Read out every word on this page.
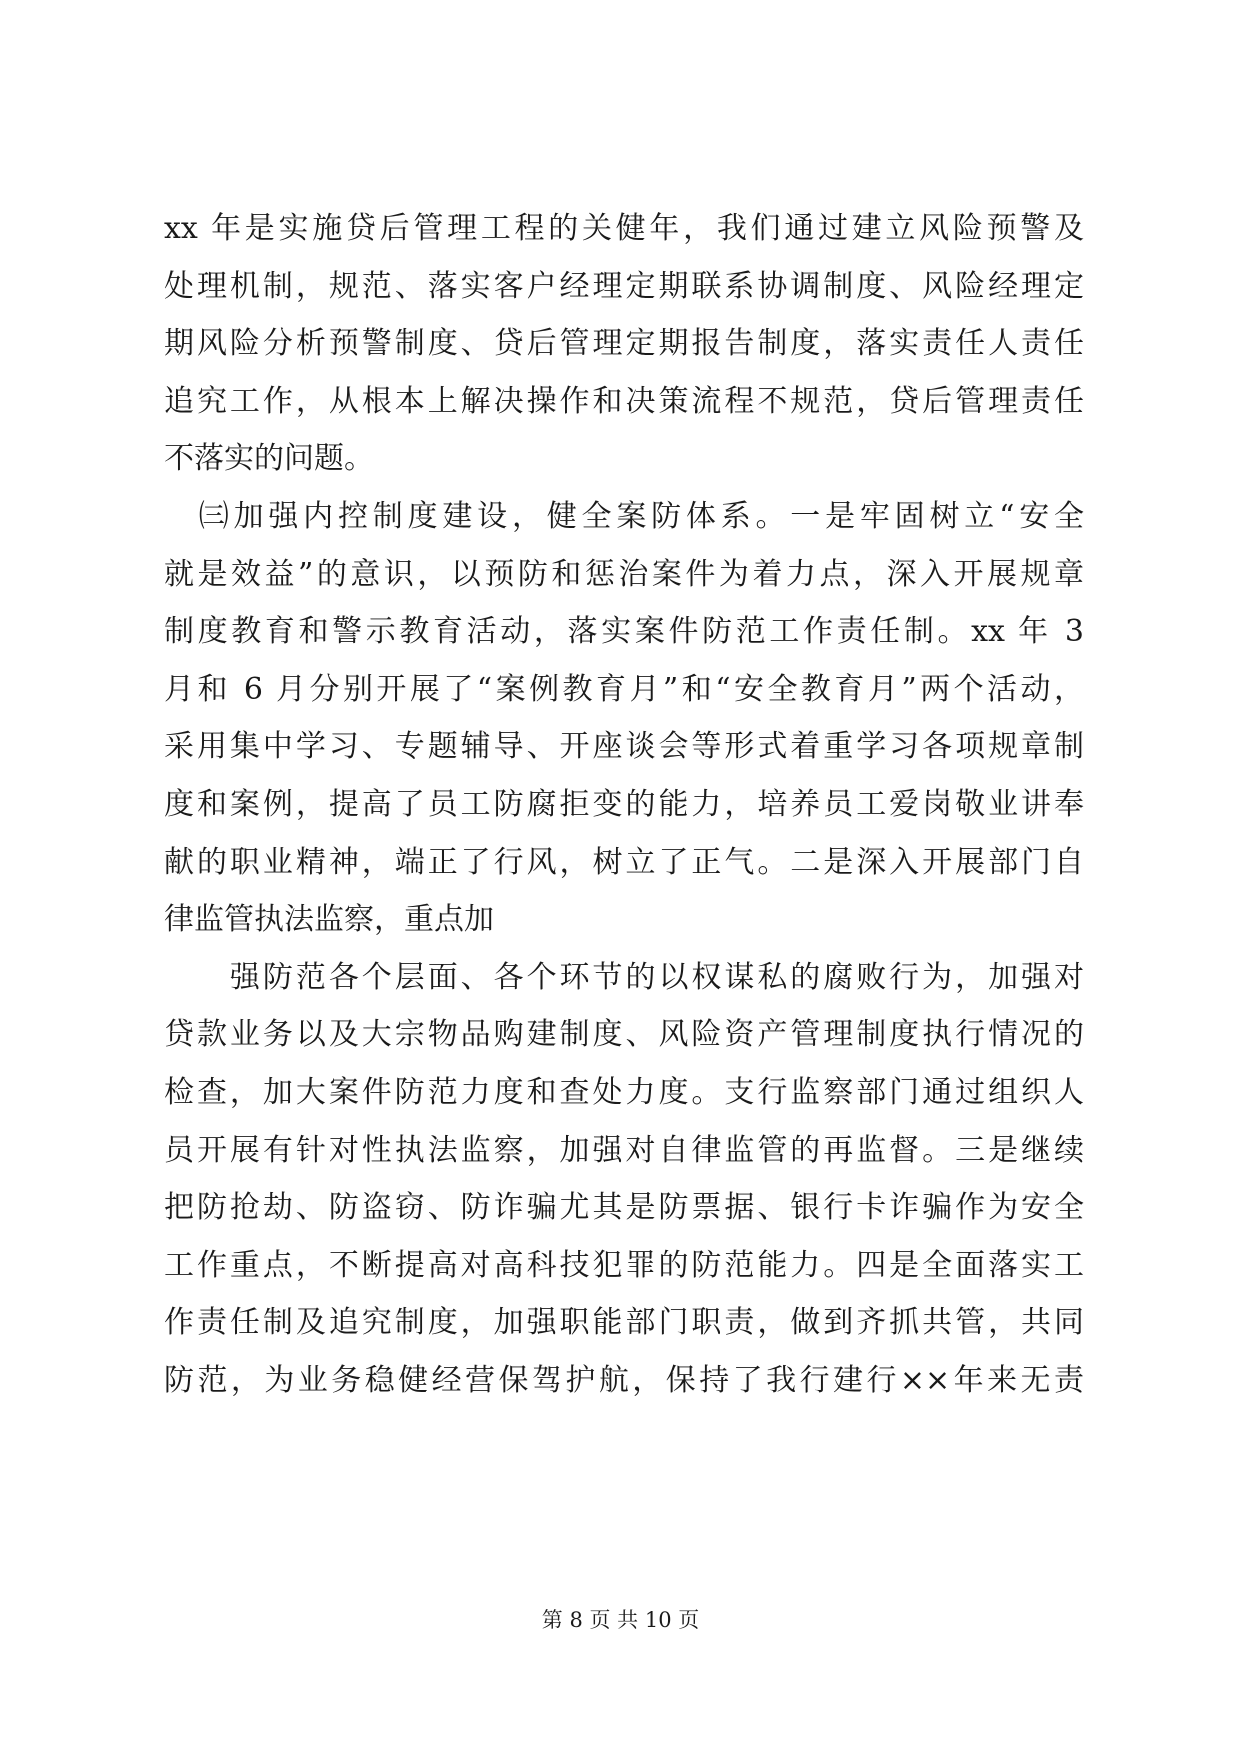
xx 年是实施贷后管理工程的关健年，我们通过建立风险预警及
处理机制，规范、落实客户经理定期联系协调制度、风险经理定
期风险分析预警制度、贷后管理定期报告制度，落实责任人责任
追究工作，从根本上解决操作和决策流程不规范，贷后管理责任
不落实的问题。
　㈢加强内控制度建设，健全案防体系。一是牢固树立“安全
就是效益”的意识，以预防和惩治案件为着力点，深入开展规章
制度教育和警示教育活动，落实案件防范工作责任制。xx 年 3
月和 6 月分别开展了“案例教育月”和“安全教育月”两个活动，
采用集中学习、专题辅导、开座谈会等形式着重学习各项规章制
度和案例，提高了员工防腐拒变的能力，培养员工爱岗敬业讲奉
献的职业精神，端正了行风，树立了正气。二是深入开展部门自
律监管执法监察，重点加
　　强防范各个层面、各个环节的以权谋私的腐败行为，加强对
贷款业务以及大宗物品购建制度、风险资产管理制度执行情况的
检查，加大案件防范力度和查处力度。支行监察部门通过组织人
员开展有针对性执法监察，加强对自律监管的再监督。三是继续
把防抢劫、防盗窃、防诈骗尤其是防票据、银行卡诈骗作为安全
工作重点，不断提高对高科技犯罪的防范能力。四是全面落实工
作责任制及追究制度，加强职能部门职责，做到齐抓共管，共同
防范，为业务稳健经营保驾护航，保持了我行建行××年来无责
第 8 页 共 10 页
